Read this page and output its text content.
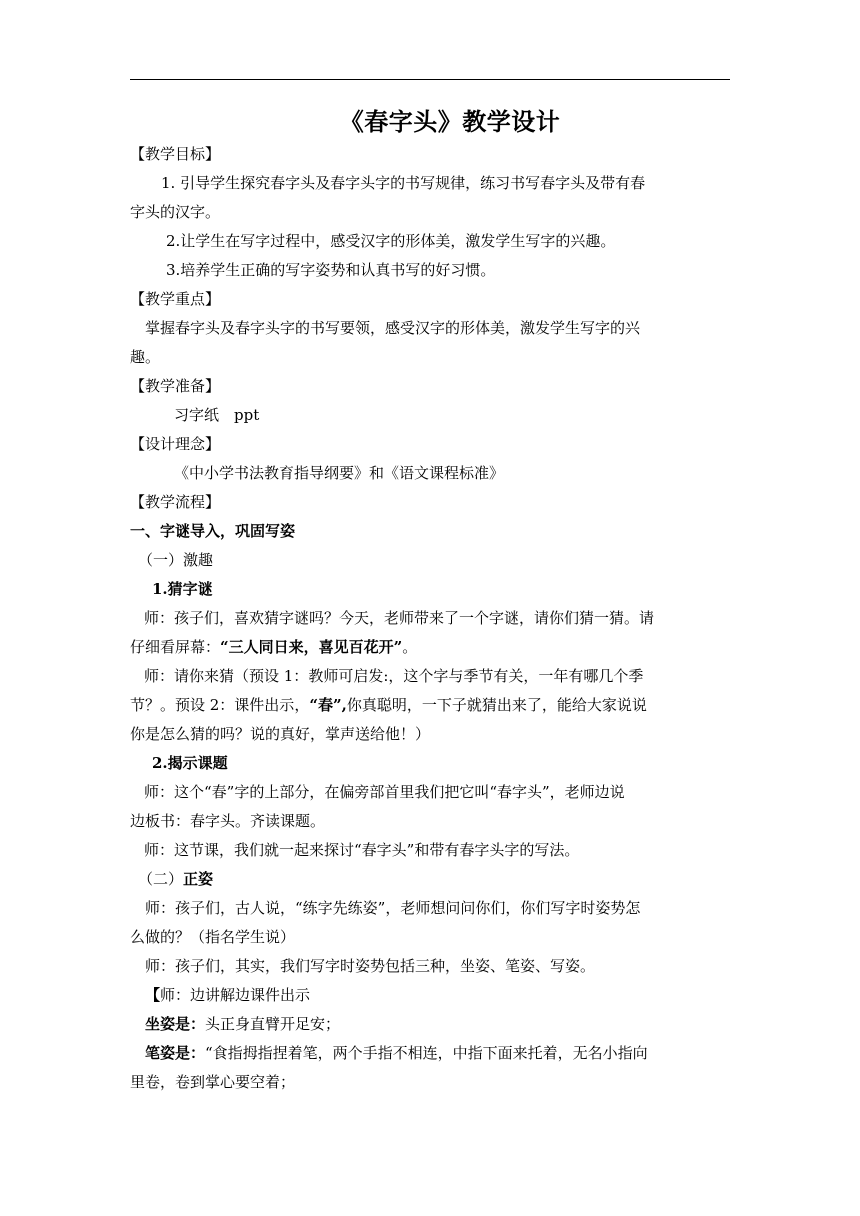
《春字头》教学设计

【教学目标】

1. 引导学生探究春字头及春字头字的书写规律，练习书写春字头及带有春

字头的汉字。

2.让学生在写字过程中，感受汉字的形体美，激发学生写字的兴趣。

3.培养学生正确的写字姿势和认真书写的好习惯。

【教学重点】

掌握春字头及春字头字的书写要领，感受汉字的形体美，激发学生写字的兴

趣。

【教学准备】

习字纸　ppt

【设计理念】

《中小学书法教育指导纲要》和《语文课程标准》

【教学流程】

一、字谜导入，巩固写姿

（一）激趣

1.猜字谜

师：孩子们，喜欢猜字谜吗？今天，老师带来了一个字谜，请你们猜一猜。请

仔细看屏幕：“三人同日来，喜见百花开”。

师：请你来猜（预设 1：教师可启发:，这个字与季节有关，一年有哪几个季

节？。预设 2：课件出示，“春”,你真聪明，一下子就猜出来了，能给大家说说

你是怎么猜的吗？说的真好，掌声送给他！）

2.揭示课题

师：这个“春”字的上部分，在偏旁部首里我们把它叫“春字头”，老师边说

边板书：春字头。齐读课题。

师：这节课，我们就一起来探讨“春字头”和带有春字头字的写法。

（二）正姿

师：孩子们，古人说，“练字先练姿”，老师想问问你们，你们写字时姿势怎

么做的？（指名学生说）

师：孩子们，其实，我们写字时姿势包括三种，坐姿、笔姿、写姿。

【师：边讲解边课件出示

坐姿是：头正身直臂开足安；

笔姿是：“食指拇指捏着笔，两个手指不相连，中指下面来托着，无名小指向

里卷，卷到掌心要空着；
